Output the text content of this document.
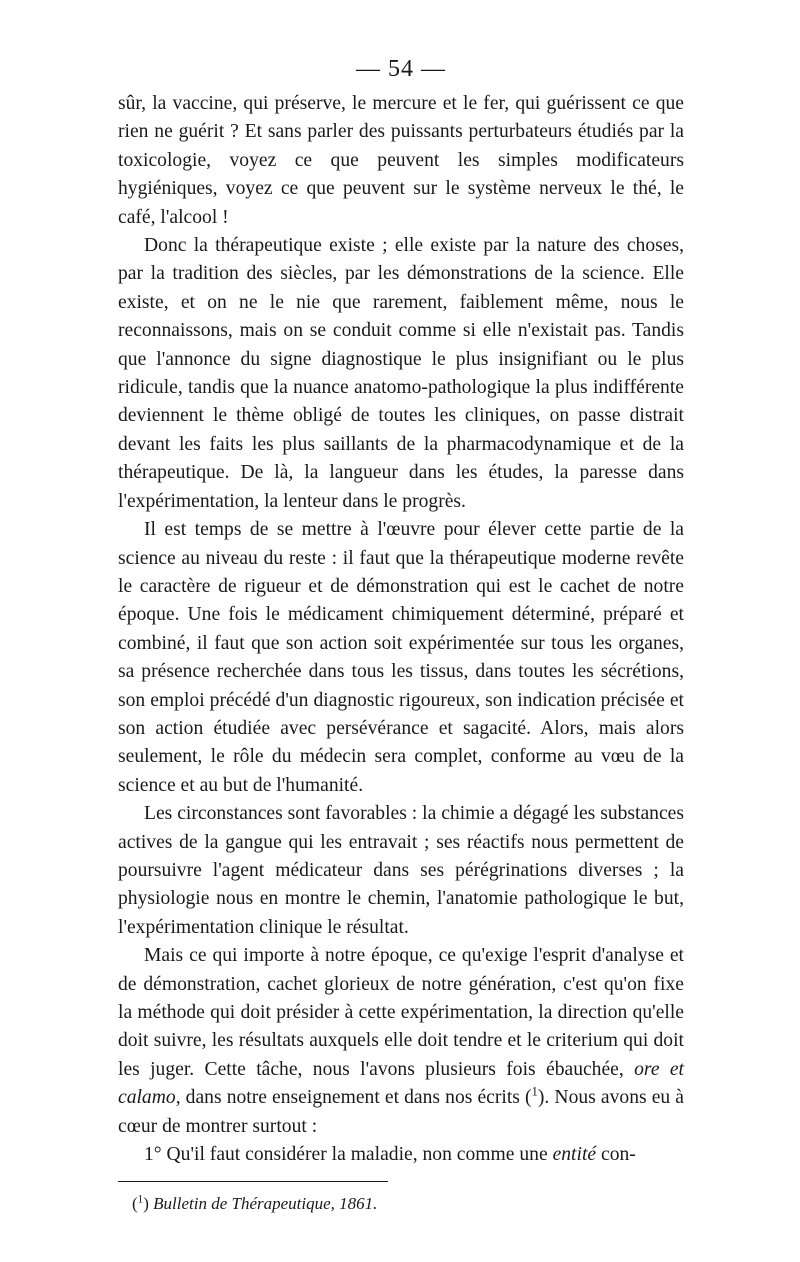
— 54 —

sûr, la vaccine, qui préserve, le mercure et le fer, qui guérissent ce que rien ne guérit ? Et sans parler des puissants perturbateurs étudiés par la toxicologie, voyez ce que peuvent les simples modificateurs hygiéniques, voyez ce que peuvent sur le système nerveux le thé, le café, l'alcool !

Donc la thérapeutique existe ; elle existe par la nature des choses, par la tradition des siècles, par les démonstrations de la science. Elle existe, et on ne le nie que rarement, faiblement même, nous le reconnaissons, mais on se conduit comme si elle n'existait pas. Tandis que l'annonce du signe diagnostique le plus insignifiant ou le plus ridicule, tandis que la nuance anatomo-pathologique la plus indifférente deviennent le thème obligé de toutes les cliniques, on passe distrait devant les faits les plus saillants de la pharmacodynamique et de la thérapeutique. De là, la langueur dans les études, la paresse dans l'expérimentation, la lenteur dans le progrès.

Il est temps de se mettre à l'œuvre pour élever cette partie de la science au niveau du reste : il faut que la thérapeutique moderne revête le caractère de rigueur et de démonstration qui est le cachet de notre époque. Une fois le médicament chimiquement déterminé, préparé et combiné, il faut que son action soit expérimentée sur tous les organes, sa présence recherchée dans tous les tissus, dans toutes les sécrétions, son emploi précédé d'un diagnostic rigoureux, son indication précisée et son action étudiée avec persévérance et sagacité. Alors, mais alors seulement, le rôle du médecin sera complet, conforme au vœu de la science et au but de l'humanité.

Les circonstances sont favorables : la chimie a dégagé les substances actives de la gangue qui les entravait ; ses réactifs nous permettent de poursuivre l'agent médicateur dans ses pérégrinations diverses ; la physiologie nous en montre le chemin, l'anatomie pathologique le but, l'expérimentation clinique le résultat.

Mais ce qui importe à notre époque, ce qu'exige l'esprit d'analyse et de démonstration, cachet glorieux de notre génération, c'est qu'on fixe la méthode qui doit présider à cette expérimentation, la direction qu'elle doit suivre, les résultats auxquels elle doit tendre et le criterium qui doit les juger. Cette tâche, nous l'avons plusieurs fois ébauchée, ore et calamo, dans notre enseignement et dans nos écrits ($^1$). Nous avons eu à cœur de montrer surtout :

1° Qu'il faut considérer la maladie, non comme une entité con-

($^1$) Bulletin de Thérapeutique, 1861.
